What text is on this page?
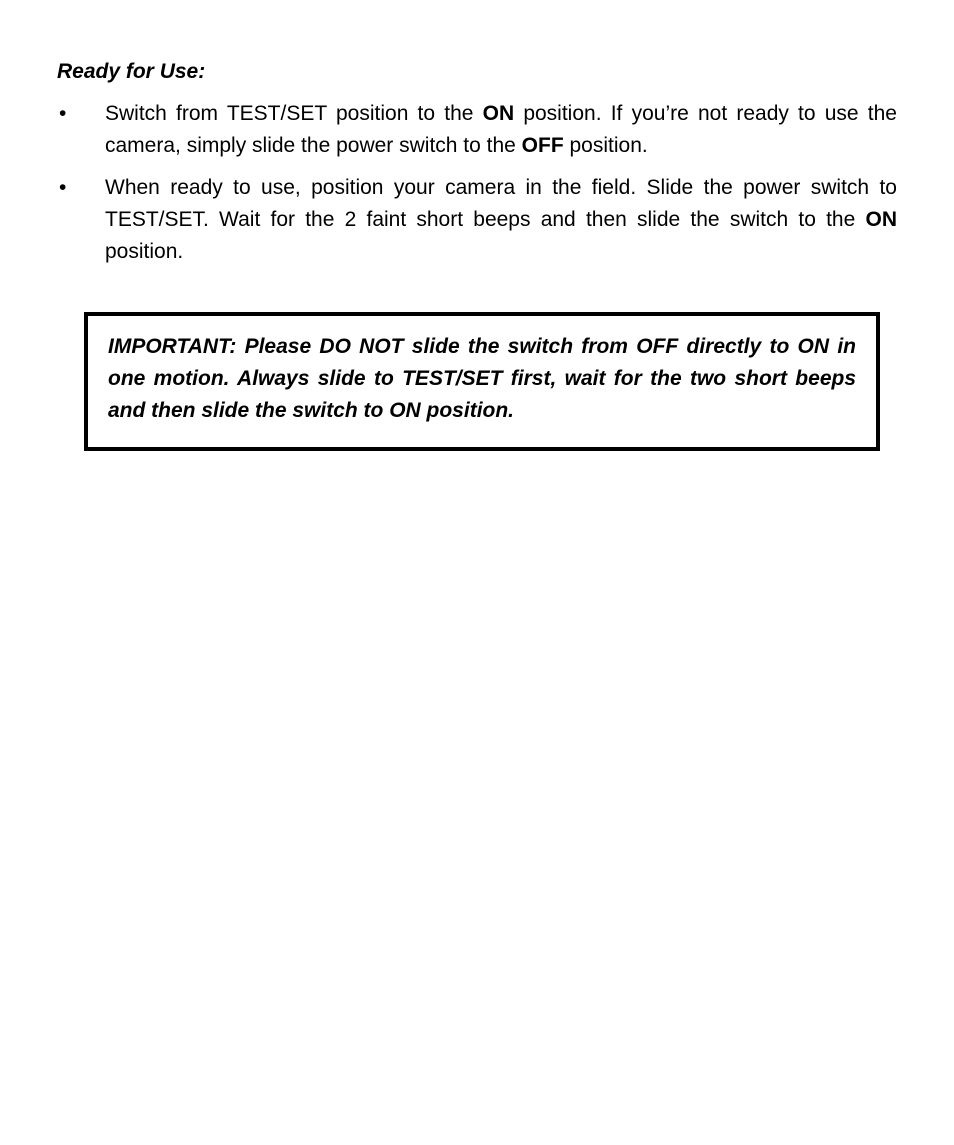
Ready for Use:
• Switch from TEST/SET position to the ON position. If you’re not ready to use the camera, simply slide the power switch to the OFF position.
• When ready to use, position your camera in the field. Slide the power switch to TEST/SET. Wait for the 2 faint short beeps and then slide the switch to the ON position.

IMPORTANT: Please DO NOT slide the switch from OFF directly to ON in one motion. Always slide to TEST/SET first, wait for the two short beeps and then slide the switch to ON position.
